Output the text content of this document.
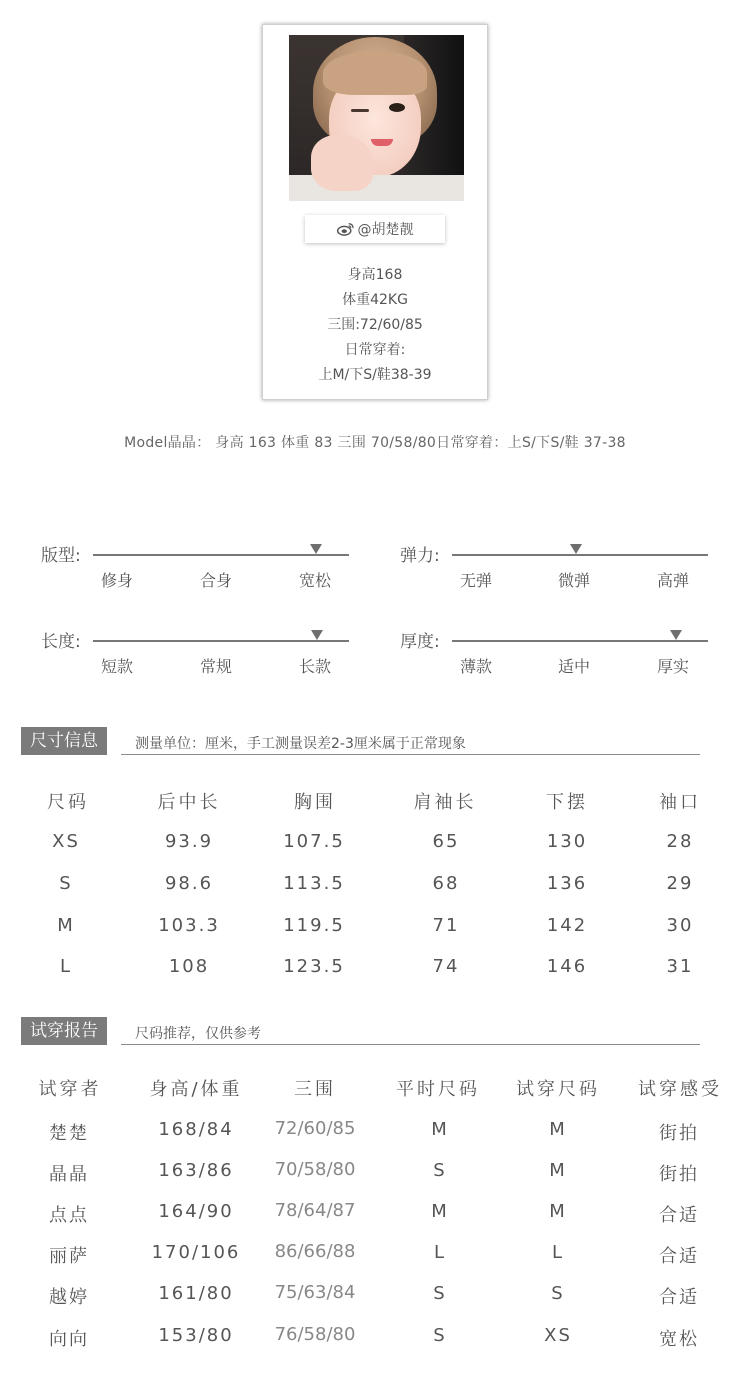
@胡楚靓
身高168
体重42KG
三围:72/60/85
日常穿着:
上M/下S/鞋38-39
Model晶晶： 身高 163 体重 83 三围 70/58/80日常穿着：上S/下S/鞋 37-38
版型:
修身	合身	宽松
弹力:
无弹	微弹	高弹
长度:
短款	常规	长款
厚度:
薄款	适中	厚实
尺寸信息	测量单位：厘米，手工测量误差2-3厘米属于正常现象
尺码	后中长	胸围	肩袖长	下摆	袖口
XS	93.9	107.5	65	130	28
S	98.6	113.5	68	136	29
M	103.3	119.5	71	142	30
L	108	123.5	74	146	31
试穿报告	尺码推荐，仅供参考
试穿者	身高/体重	三围	平时尺码 试穿尺码 试穿感受
楚楚	168/84 72/60/85	M	M	街拍
晶晶	163/86 70/58/80	S	M	街拍
点点	164/90 78/64/87	M	M	合适
丽萨	170/106 86/66/88	L	L	合适
越婷	161/80 75/63/84	S	S	合适
向向	153/80 76/58/80	S	XS	宽松
